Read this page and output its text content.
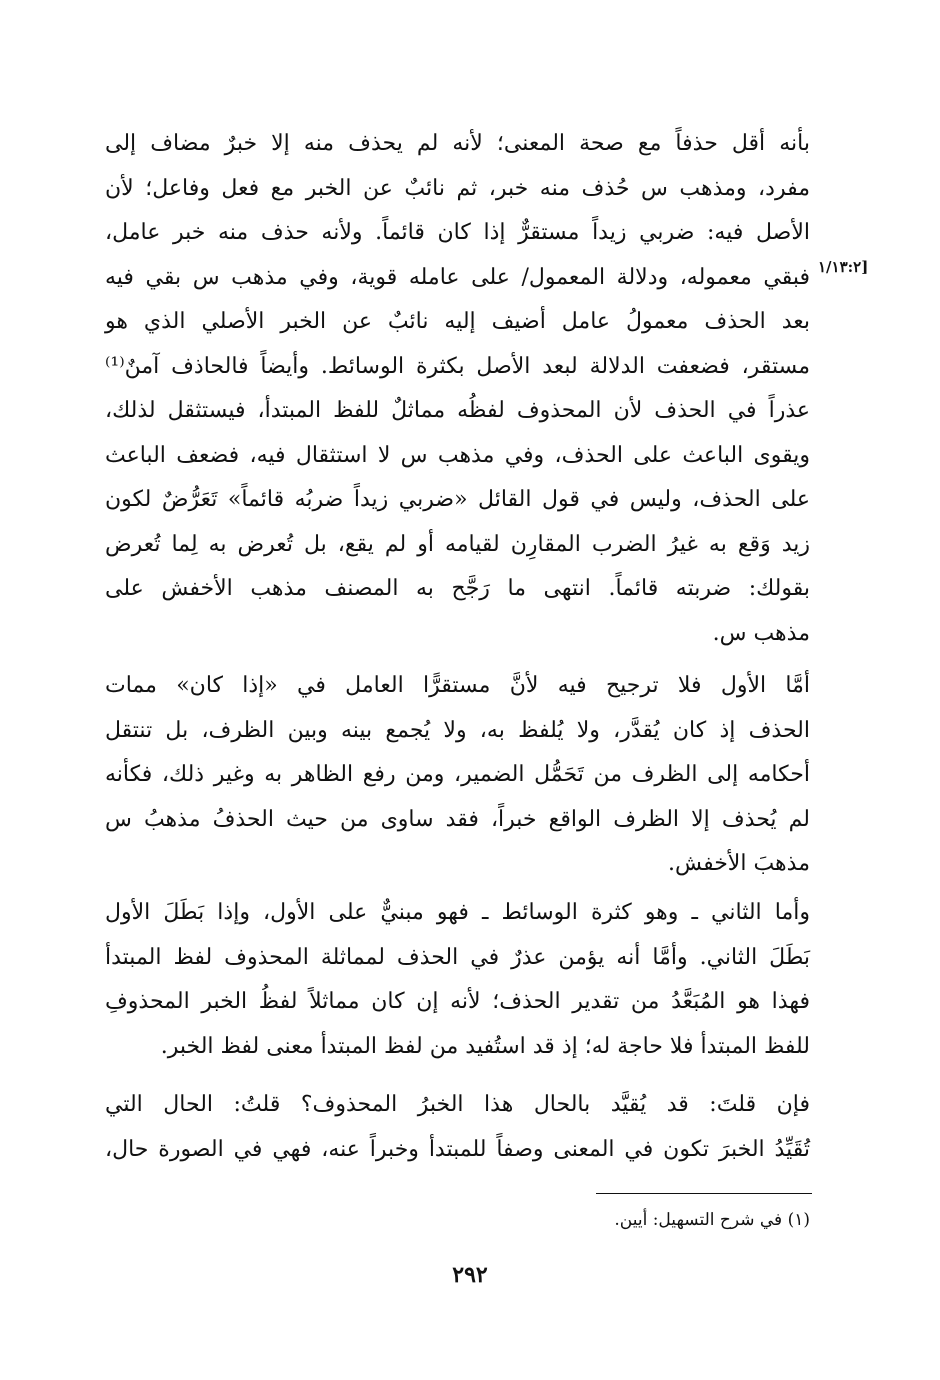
[١/١٣:٢

بأنه أقل حذفاً مع صحة المعنى؛ لأنه لم يحذف منه إلا خبرٌ مضاف إلى
مفرد، ومذهب س حُذف منه خبر، ثم نائبٌ عن الخبر مع فعل وفاعل؛ لأن
الأصل فيه: ضربي زيداً مستقرٌّ إذا كان قائماً. ولأنه حذف منه خبر عامل،
فبقي معموله، ودلالة المعمول/ على عامله قوية، وفي مذهب س بقي فيه
بعد الحذف معمولُ عامل أضيف إليه نائبٌ عن الخبر الأصلي الذي هو
مستقر، فضعفت الدلالة لبعد الأصل بكثرة الوسائط. وأيضاً فالحاذف آمنٌ⁽¹⁾
عذراً في الحذف لأن المحذوف لفظُه مماثلٌ للفظ المبتدأ، فيستثقل لذلك،
ويقوى الباعث على الحذف، وفي مذهب س لا استثقال فيه، فضعف الباعث
على الحذف، وليس في قول القائل «ضربي زيداً ضربُه قائماً» تَعَرُّضٌ لكون
زيد وَقع به غيرُ الضرب المقارِن لقيامه أو لم يقع، بل تُعرض به لِما تُعرض
بقولك: ضربته قائماً. انتهى ما رَجَّح به المصنف مذهب الأخفش على
مذهب س.

أمَّا الأول فلا ترجيح فيه لأنَّ مستقرًّا العامل في «إذا كان» ممات
الحذف إذ كان يُقدَّر، ولا يُلفظ به، ولا يُجمع بينه وبين الظرف، بل تنتقل
أحكامه إلى الظرف من تَحَمُّل الضمير، ومن رفع الظاهر به وغير ذلك، فكأنه
لم يُحذف إلا الظرف الواقع خبراً، فقد ساوى من حيث الحذفُ مذهبُ س
مذهبَ الأخفش.

وأما الثاني ـ وهو كثرة الوسائط ـ فهو مبنيٌّ على الأول، وإذا بَطَلَ الأول
بَطَلَ الثاني. وأمَّا أنه يؤمن عذرٌ في الحذف لمماثلة المحذوف لفظ المبتدأ
فهذا هو المُبَعَّدُ من تقدير الحذف؛ لأنه إن كان مماثلاً لفظُ الخبر المحذوفِ
للفظ المبتدأ فلا حاجة له؛ إذ قد استُفيد من لفظ المبتدأ معنى لفظ الخبر.

فإن قلتَ: قد يُقيَّد بالحال هذا الخبرُ المحذوف؟ قلتُ: الحال التي
تُقَيِّدُ الخبرَ تكون في المعنى وصفاً للمبتدأ وخبراً عنه، فهي في الصورة حال،

(١) في شرح التسهيل: أيين.

٢٩٢
